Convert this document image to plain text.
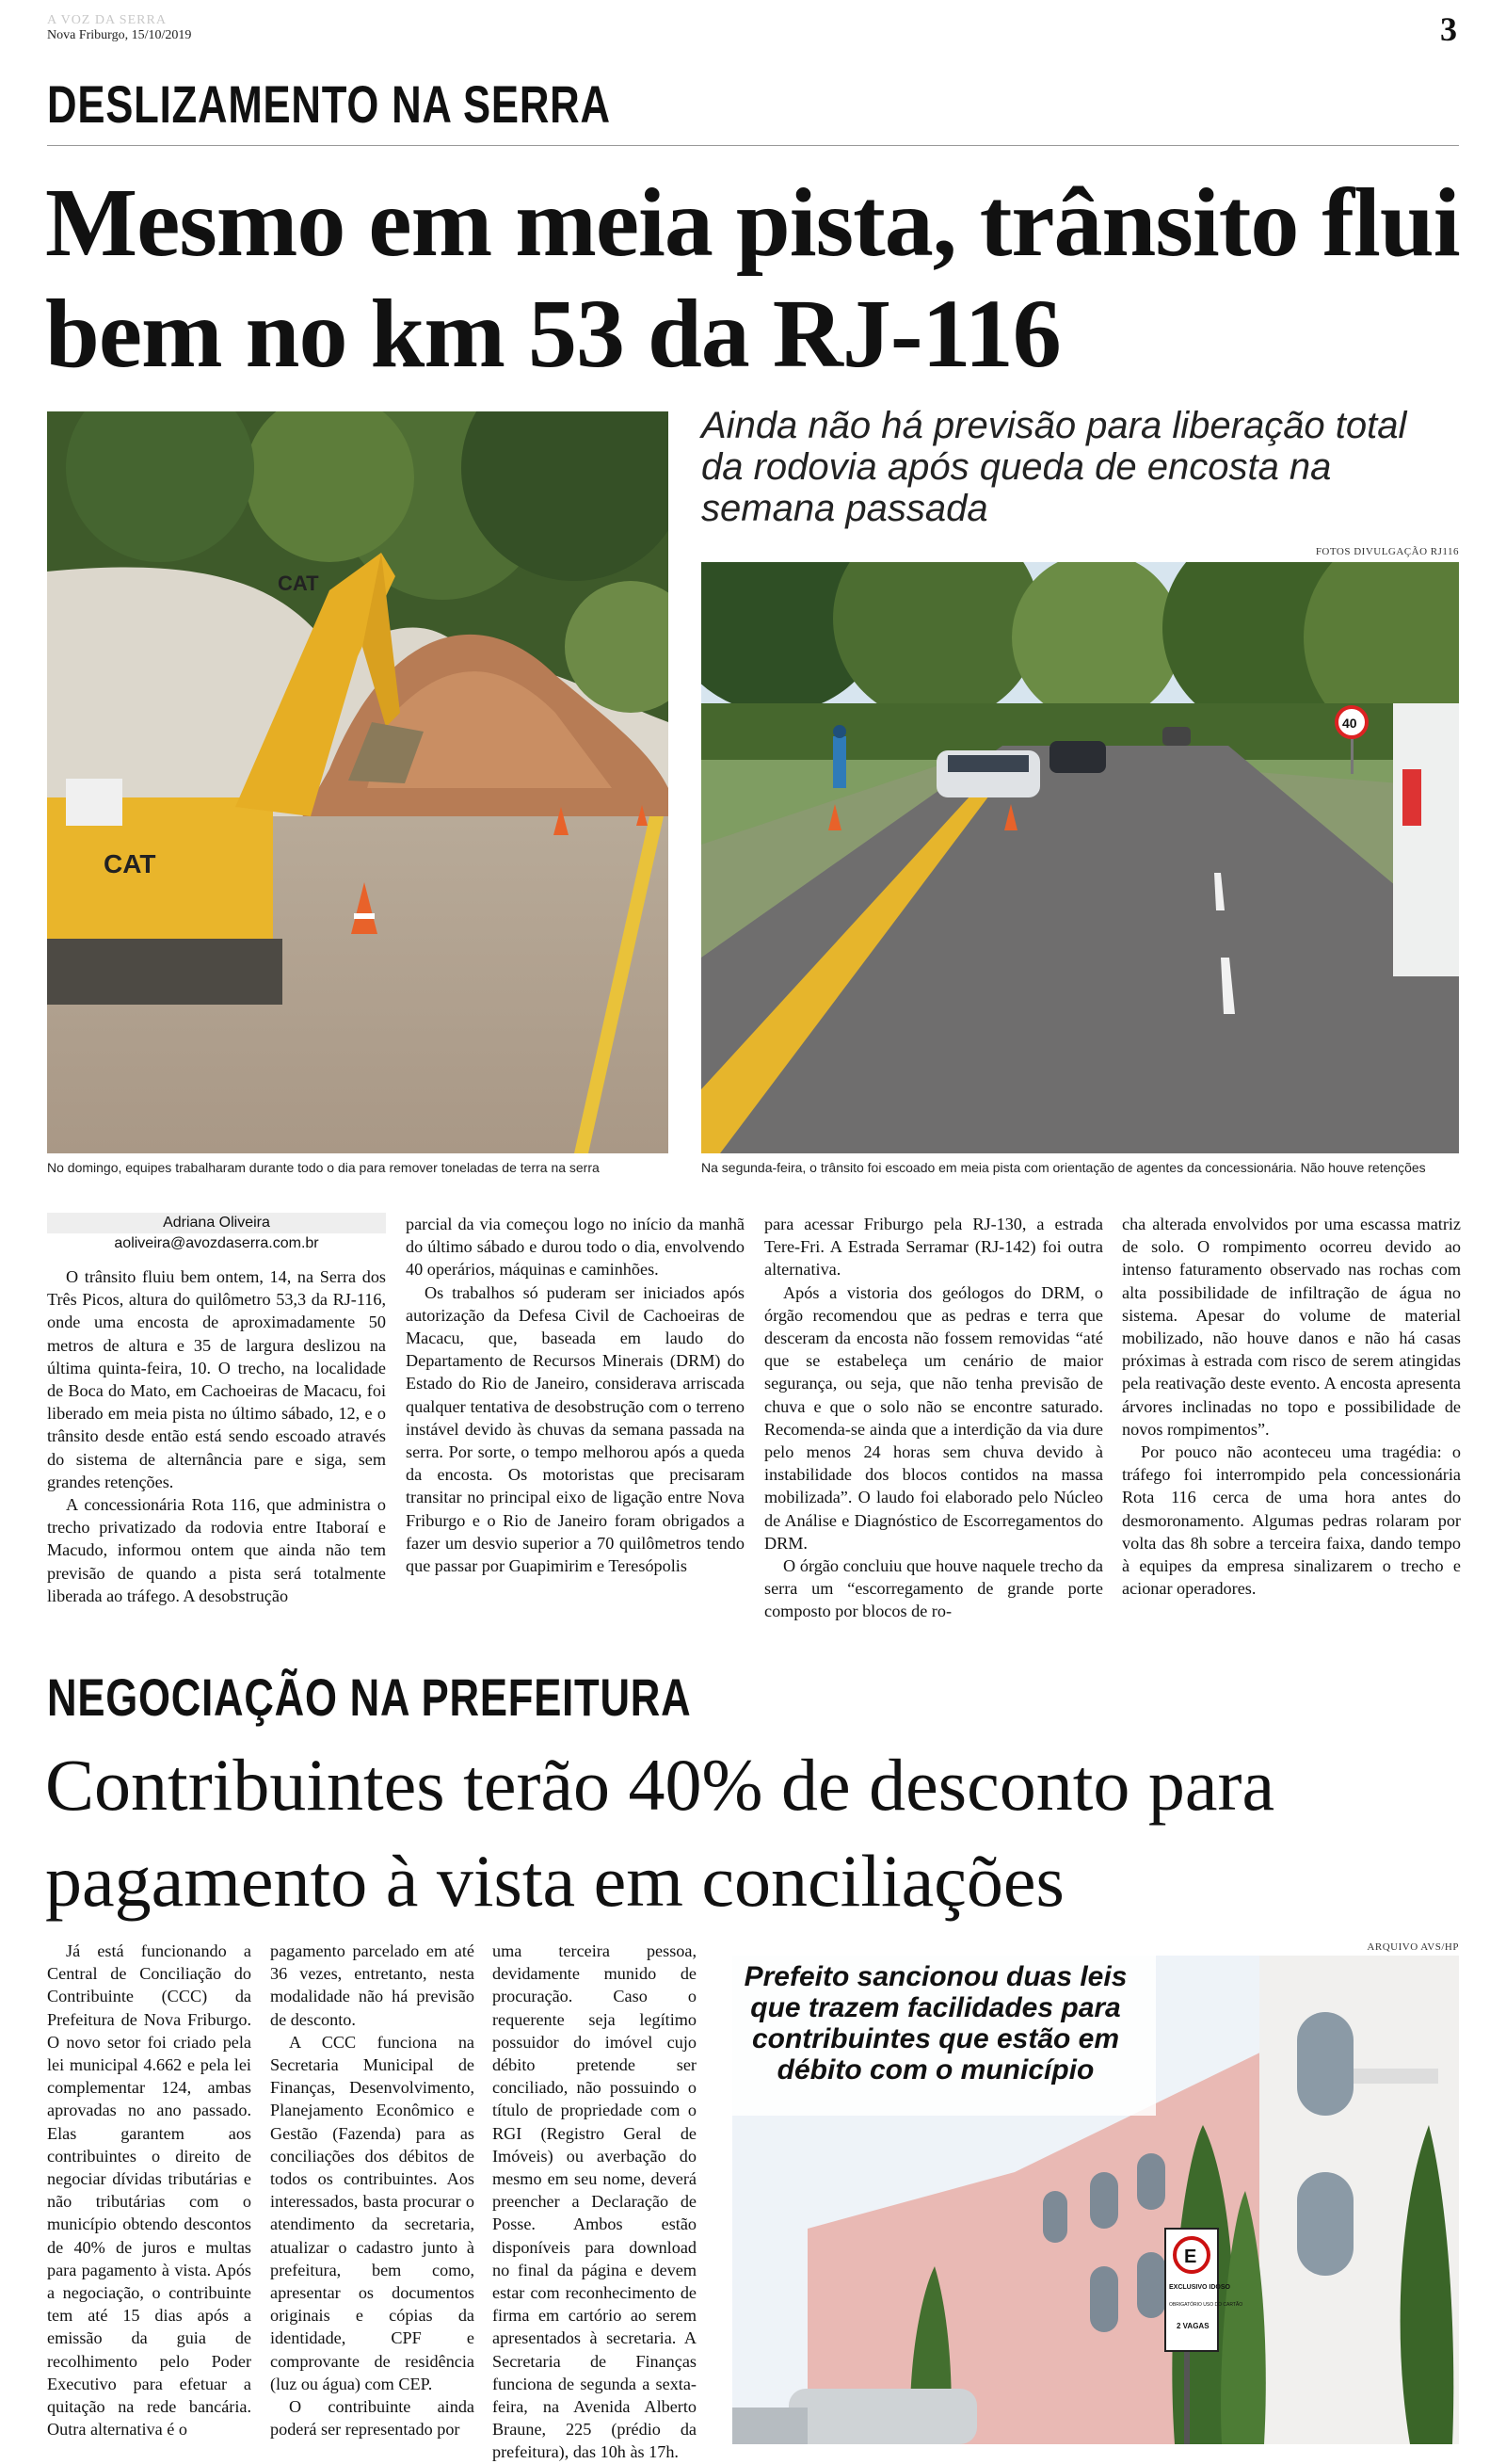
A VOZ DA SERRA
Nova Friburgo, 15/10/2019	3
DESLIZAMENTO NA SERRA
Mesmo em meia pista, trânsito flui bem no km 53 da RJ-116
CAT
CAT
Ainda não há previsão para liberação total da rodovia após queda de encosta na semana passada
FOTOS DIVULGAÇÃO RJ116
40
No domingo, equipes trabalharam durante todo o dia para remover toneladas de terra na serra	Na segunda-feira, o trânsito foi escoado em meia pista com orientação de agentes da concessionária. Não houve retenções
Adriana Oliveira
aoliveira@avozdaserra.com.br

O trânsito fluiu bem ontem, 14, na Serra dos Três Picos, altura do quilômetro 53,3 da RJ-116, onde uma encosta de aproximadamente 50 metros de altura e 35 de largura deslizou na última quinta-feira, 10. O trecho, na localidade de Boca do Mato, em Cachoeiras de Macacu, foi liberado em meia pista no último sábado, 12, e o trânsito desde então está sendo escoado através do sistema de alternância pare e siga, sem grandes retenções.

A concessionária Rota 116, que administra o trecho privatizado da rodovia entre Itaboraí e Macudo, informou ontem que ainda não tem previsão de quando a pista será totalmente liberada ao tráfego. A desobstrução

parcial da via começou logo no início da manhã do último sábado e durou todo o dia, envolvendo 40 operários, máquinas e caminhões.

Os trabalhos só puderam ser iniciados após autorização da Defesa Civil de Cachoeiras de Macacu, que, baseada em laudo do Departamento de Recursos Minerais (DRM) do Estado do Rio de Janeiro, considerava arriscada qualquer tentativa de desobstrução com o terreno instável devido às chuvas da semana passada na serra. Por sorte, o tempo melhorou após a queda da encosta. Os motoristas que precisaram transitar no principal eixo de ligação entre Nova Friburgo e o Rio de Janeiro foram obrigados a fazer um desvio superior a 70 quilômetros tendo que passar por Guapimirim e Teresópolis

para acessar Friburgo pela RJ-130, a estrada Tere-Fri. A Estrada Serramar (RJ-142) foi outra alternativa.

Após a vistoria dos geólogos do DRM, o órgão recomendou que as pedras e terra que desceram da encosta não fossem removidas “até que se estabeleça um cenário de maior segurança, ou seja, que não tenha previsão de chuva e que o solo não se encontre saturado. Recomenda-se ainda que a interdição da via dure pelo menos 24 horas sem chuva devido à instabilidade dos blocos contidos na massa mobilizada”. O laudo foi elaborado pelo Núcleo de Análise e Diagnóstico de Escorregamentos do DRM.

O órgão concluiu que houve naquele trecho da serra um “escorregamento de grande porte composto por blocos de ro-

cha alterada envolvidos por uma escassa matriz de solo. O rompimento ocorreu devido ao intenso faturamento observado nas rochas com alta possibilidade de infiltração de água no sistema. Apesar do volume de material mobilizado, não houve danos e não há casas próximas à estrada com risco de serem atingidas pela reativação deste evento. A encosta apresenta árvores inclinadas no topo e possibilidade de novos rompimentos”.

Por pouco não aconteceu uma tragédia: o tráfego foi interrompido pela concessionária Rota 116 cerca de uma hora antes do desmoronamento. Algumas pedras rolaram por volta das 8h sobre a terceira faixa, dando tempo à equipes da empresa sinalizarem o trecho e acionar operadores.

NEGOCIAÇÃO NA PREFEITURA
Contribuintes terão 40% de desconto para pagamento à vista em conciliações

Já está funcionando a Central de Conciliação do Contribuinte (CCC) da Prefeitura de Nova Friburgo. O novo setor foi criado pela lei municipal 4.662 e pela lei complementar 124, ambas aprovadas no ano passado. Elas garantem aos contribuintes o direito de negociar dívidas tributárias e não tributárias com o município obtendo descontos de 40% de juros e multas para pagamento à vista. Após a negociação, o contribuinte tem até 15 dias após a emissão da guia de recolhimento pelo Poder Executivo para efetuar a quitação na rede bancária. Outra alternativa é o

pagamento parcelado em até 36 vezes, entretanto, nesta modalidade não há previsão de desconto.

A CCC funciona na Secretaria Municipal de Finanças, Desenvolvimento, Planejamento Econômico e Gestão (Fazenda) para as conciliações dos débitos de todos os contribuintes. Aos interessados, basta procurar o atendimento da secretaria, atualizar o cadastro junto à prefeitura, bem como, apresentar os documentos originais e cópias da identidade, CPF e comprovante de residência (luz ou água) com CEP.

O contribuinte ainda poderá ser representado por

uma terceira pessoa, devidamente munido de procuração. Caso o requerente seja legítimo possuidor do imóvel cujo débito pretende ser conciliado, não possuindo o título de propriedade com o RGI (Registro Geral de Imóveis) ou averbação do mesmo em seu nome, deverá preencher a Declaração de Posse. Ambos estão disponíveis para download no final da página e devem estar com reconhecimento de firma em cartório ao serem apresentados à secretaria. A Secretaria de Finanças funciona de segunda a sexta-feira, na Avenida Alberto Braune, 225 (prédio da prefeitura), das 10h às 17h.

ARQUIVO AVS/HP
E
EXCLUSIVO IDOSO
OBRIGATÓRIO USO DO CARTÃO
2 VAGAS
Prefeito sancionou duas leis que trazem facilidades para contribuintes que estão em débito com o município
